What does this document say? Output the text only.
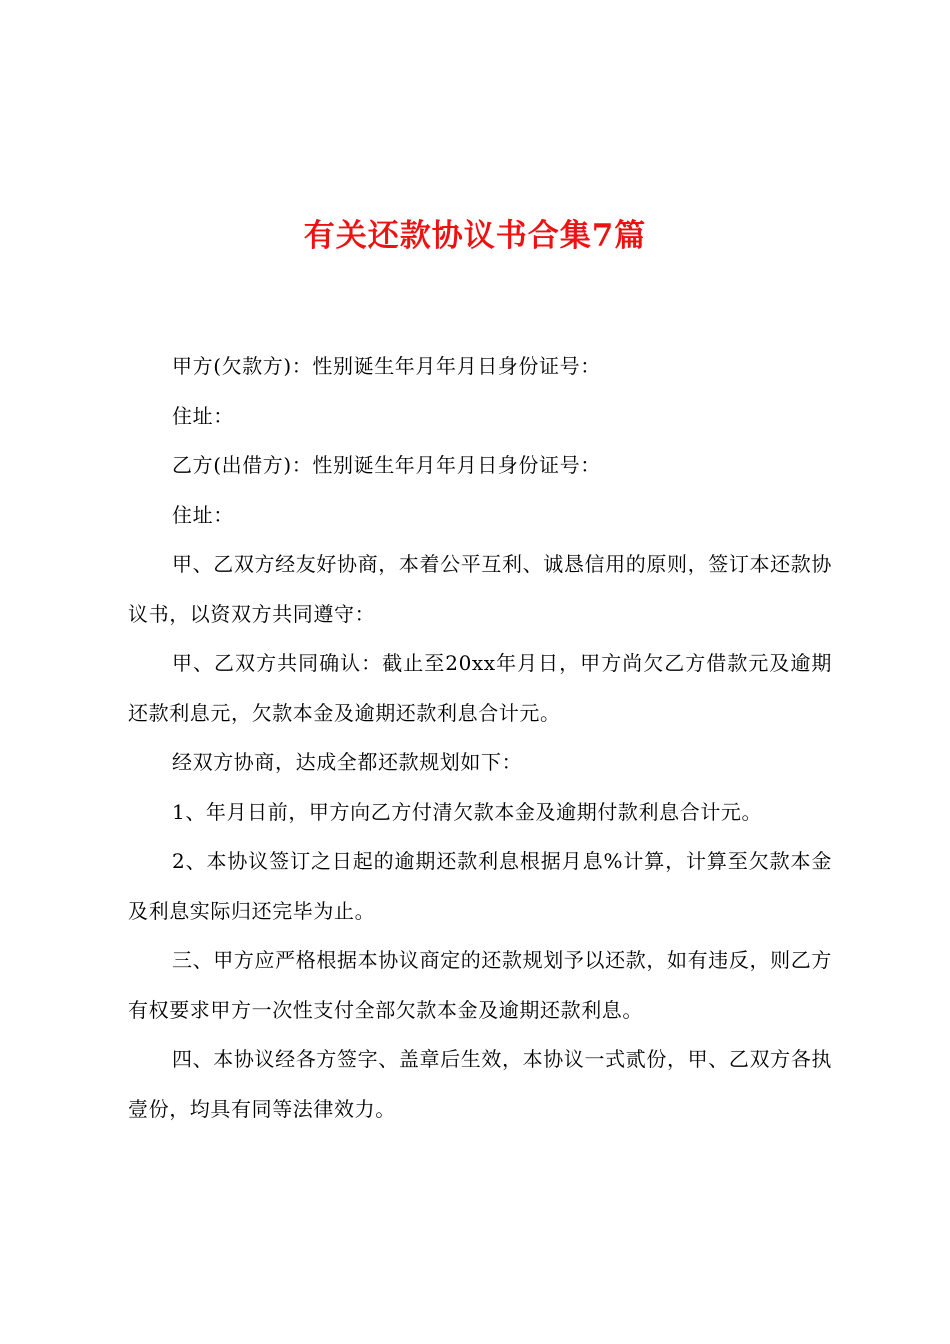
有关还款协议书合集7篇

甲方(欠款方)：性别诞生年月年月日身份证号：

住址：

乙方(出借方)：性别诞生年月年月日身份证号：

住址：

甲、乙双方经友好协商，本着公平互利、诚恳信用的原则，签订本还款协议书，以资双方共同遵守：

甲、乙双方共同确认：截止至20xx年月日，甲方尚欠乙方借款元及逾期还款利息元，欠款本金及逾期还款利息合计元。

经双方协商，达成全都还款规划如下：

1、年月日前，甲方向乙方付清欠款本金及逾期付款利息合计元。

2、本协议签订之日起的逾期还款利息根据月息%计算，计算至欠款本金及利息实际归还完毕为止。

三、甲方应严格根据本协议商定的还款规划予以还款，如有违反，则乙方有权要求甲方一次性支付全部欠款本金及逾期还款利息。

四、本协议经各方签字、盖章后生效，本协议一式贰份，甲、乙双方各执壹份，均具有同等法律效力。
